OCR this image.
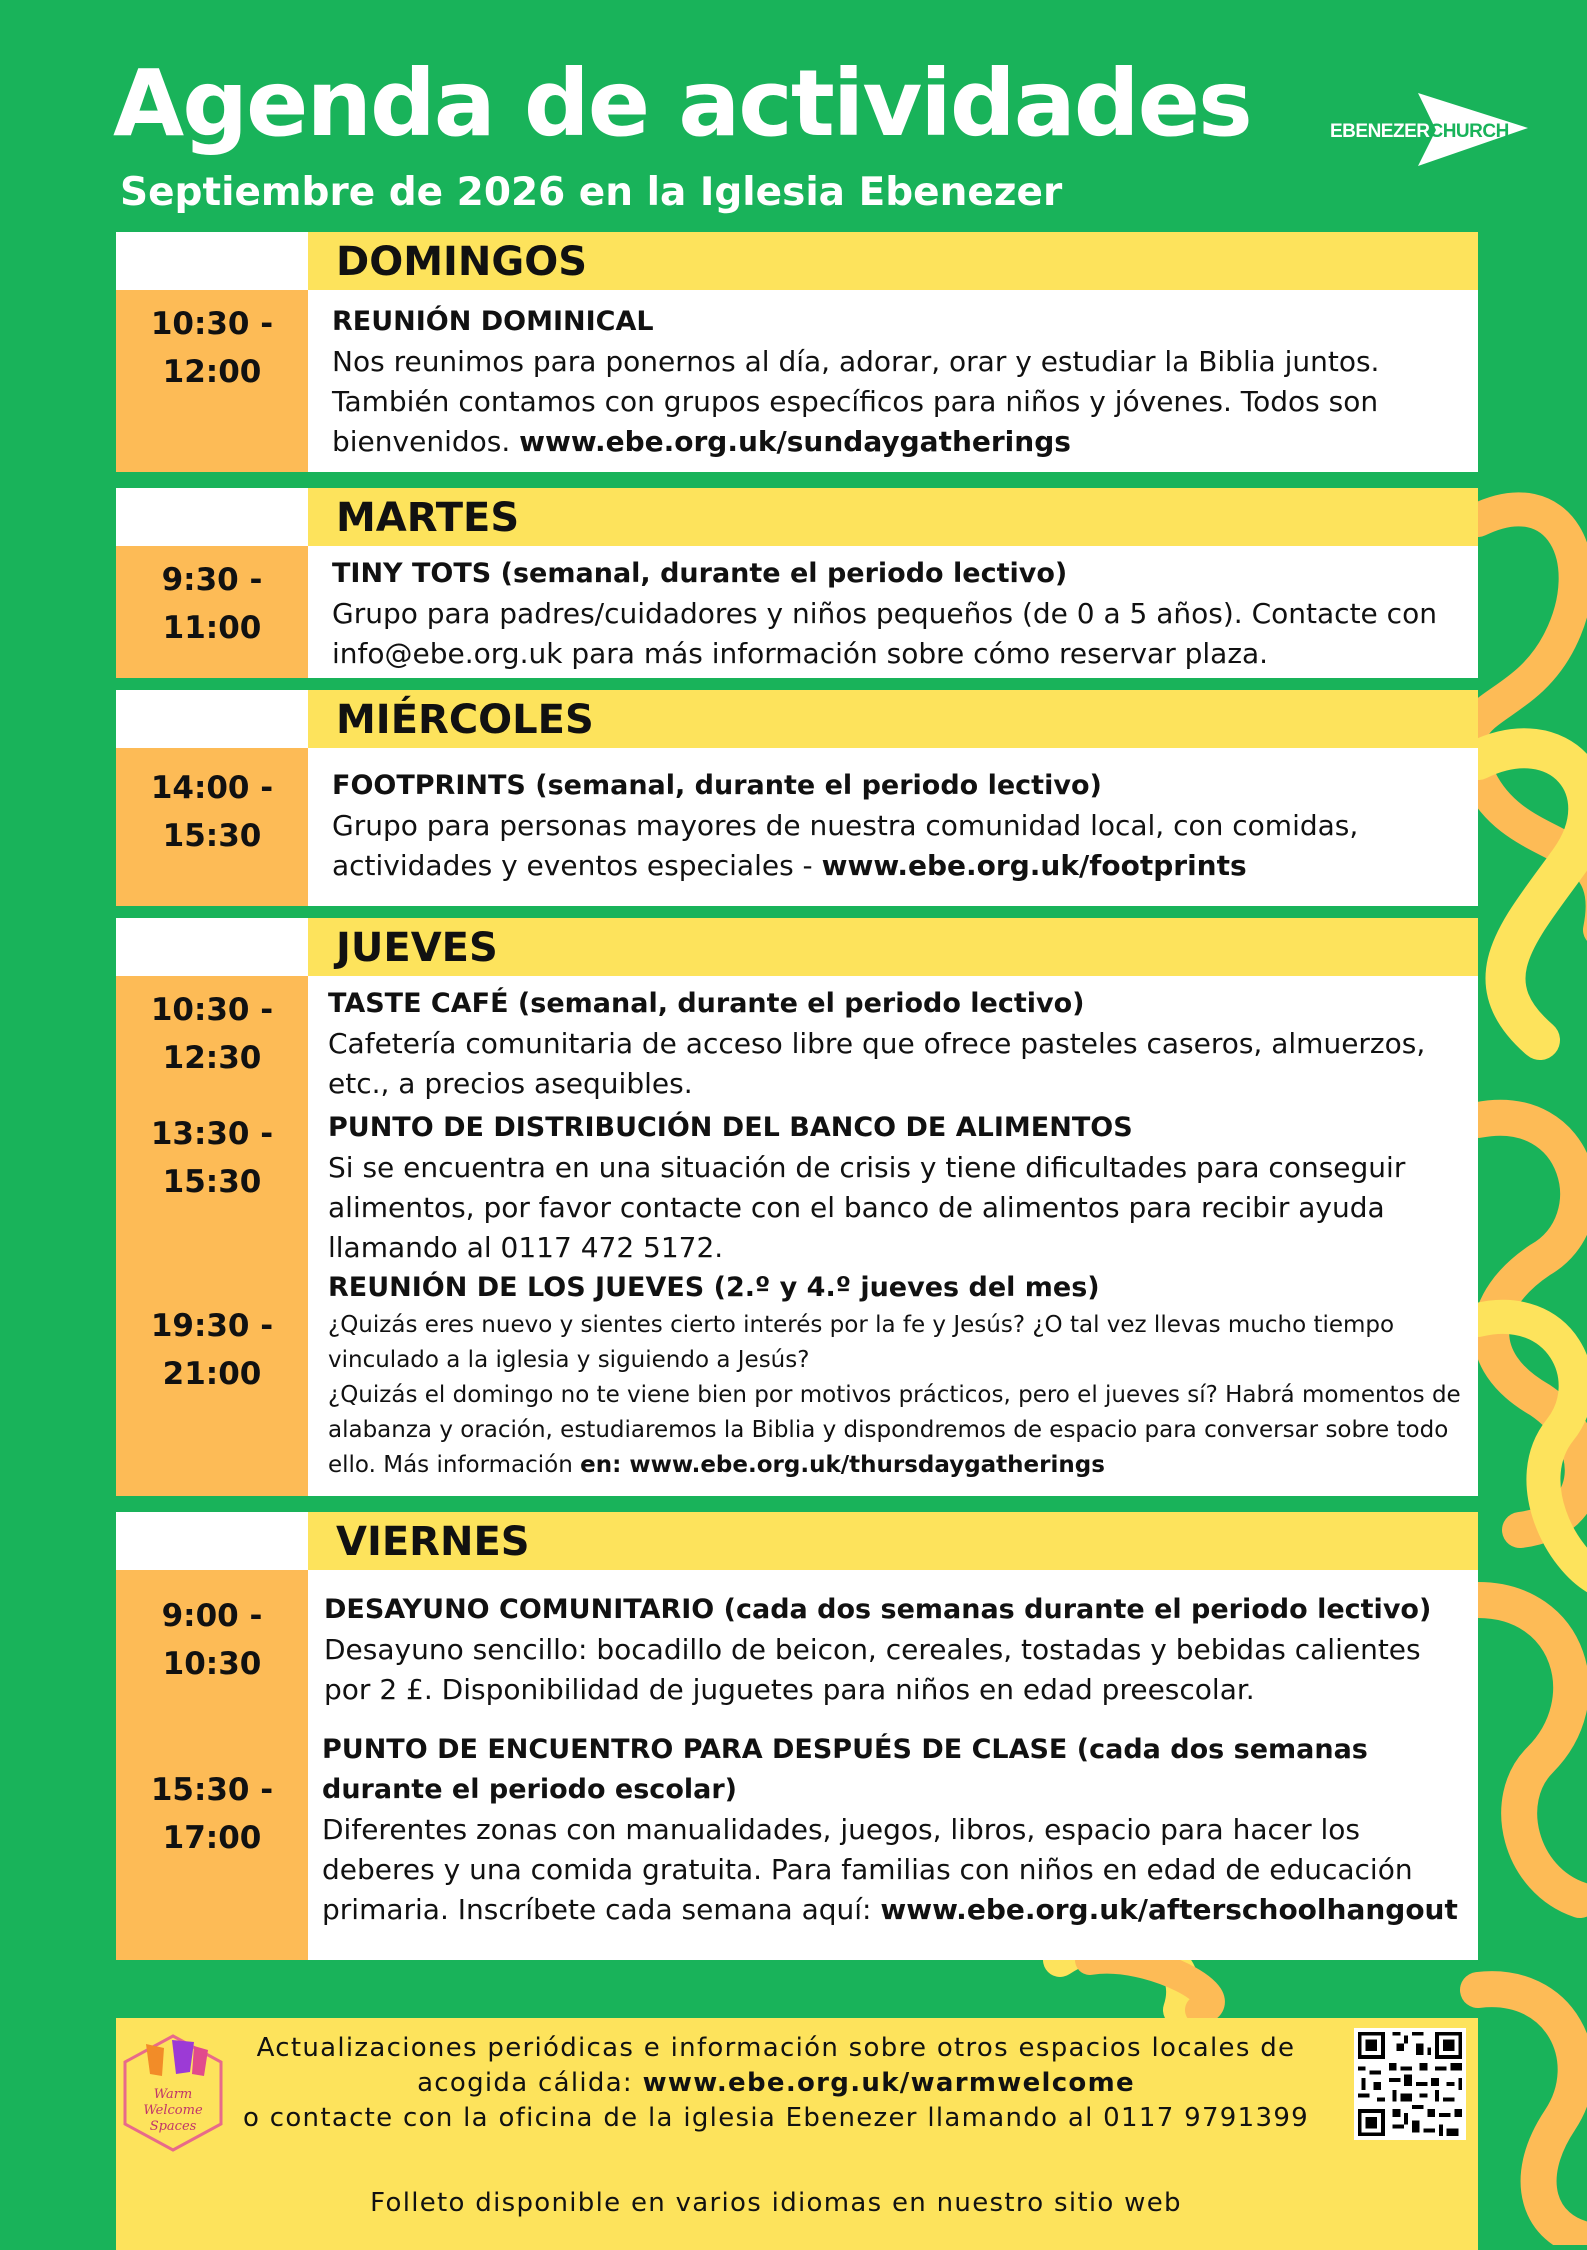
Agenda de actividades
Septiembre de 2026 en la Iglesia Ebenezer
EBENEZERCHURCH
DOMINGOS
10:30 -
12:00
REUNIÓN DOMINICAL
Nos reunimos para ponernos al día, adorar, orar y estudiar la Biblia juntos. También contamos con grupos específicos para niños y jóvenes. Todos son bienvenidos. www.ebe.org.uk/sundaygatherings
MARTES
9:30 -
11:00
TINY TOTS (semanal, durante el periodo lectivo)
Grupo para padres/cuidadores y niños pequeños (de 0 a 5 años). Contacte con info@ebe.org.uk para más información sobre cómo reservar plaza.
MIÉRCOLES
14:00 -
15:30
FOOTPRINTS (semanal, durante el periodo lectivo)
Grupo para personas mayores de nuestra comunidad local, con comidas, actividades y eventos especiales - www.ebe.org.uk/footprints
JUEVES
10:30 -
12:30
13:30 -
15:30
19:30 -
21:00
TASTE CAFÉ (semanal, durante el periodo lectivo)
Cafetería comunitaria de acceso libre que ofrece pasteles caseros, almuerzos, etc., a precios asequibles.
PUNTO DE DISTRIBUCIÓN DEL BANCO DE ALIMENTOS
Si se encuentra en una situación de crisis y tiene dificultades para conseguir alimentos, por favor contacte con el banco de alimentos para recibir ayuda llamando al 0117 472 5172.
REUNIÓN DE LOS JUEVES (2.º y 4.º jueves del mes)
¿Quizás eres nuevo y sientes cierto interés por la fe y Jesús? ¿O tal vez llevas mucho tiempo vinculado a la iglesia y siguiendo a Jesús?
¿Quizás el domingo no te viene bien por motivos prácticos, pero el jueves sí? Habrá momentos de alabanza y oración, estudiaremos la Biblia y dispondremos de espacio para conversar sobre todo ello. Más información en: www.ebe.org.uk/thursdaygatherings
VIERNES
9:00 -
10:30
15:30 -
17:00
DESAYUNO COMUNITARIO (cada dos semanas durante el periodo lectivo)
Desayuno sencillo: bocadillo de beicon, cereales, tostadas y bebidas calientes por 2 £. Disponibilidad de juguetes para niños en edad preescolar.
PUNTO DE ENCUENTRO PARA DESPUÉS DE CLASE (cada dos semanas durante el periodo escolar)
Diferentes zonas con manualidades, juegos, libros, espacio para hacer los deberes y una comida gratuita. Para familias con niños en edad de educación primaria. Inscríbete cada semana aquí: www.ebe.org.uk/afterschoolhangout
Warm
Welcome
Spaces
Actualizaciones periódicas e información sobre otros espacios locales de acogida cálida: www.ebe.org.uk/warmwelcome
o contacte con la oficina de la iglesia Ebenezer llamando al 0117 9791399
Folleto disponible en varios idiomas en nuestro sitio web
